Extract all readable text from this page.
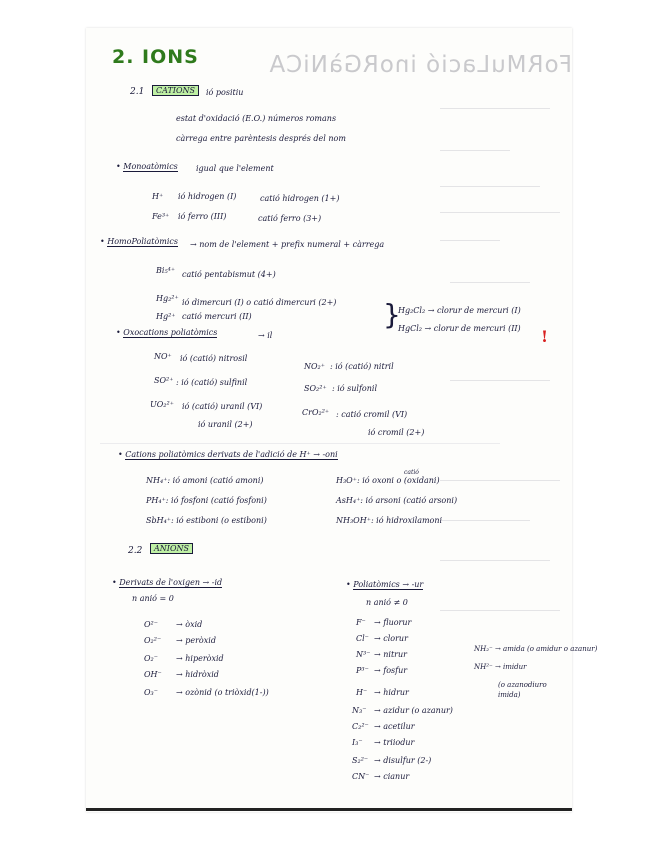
FoRMuLació inoRGàNiCA
2. IONS
2.1	CATIONS	ió positiu
estat d'oxidació (E.O.) números romans
càrrega entre parèntesis després del nom
• Monoatòmics igual que l'element
H⁺ ió hidrogen (I)	catió hidrogen (1+)
Fe³⁺ ió ferro (III)	catió ferro (3+)
• HomoPoliatòmics → nom de l'element + prefix numeral + càrrega
Bi₅⁴⁺ catió pentabismut (4+)
Hg₂²⁺ ió dimercuri (I) o catió dimercuri (2+)
Hg²⁺ catió mercuri (II)	}
Hg₂Cl₂ → clorur de mercuri (I)
HgCl₂ → clorur de mercuri (II) !
• Oxocations poliatòmics	→ il
NO⁺ ió (catió) nitrosil
SO²⁺ : ió (catió) sulfinil
UO₂²⁺ ió (catió) uranil (VI)
ió uranil (2+)
NO₂⁺ : ió (catió) nitril
SO₂²⁺ : ió sulfonil
CrO₂²⁺ : catió cromil (VI)
ió cromil (2+)
• Cations poliatòmics derivats de l'adició de H⁺ → -oni
catió
NH₄⁺: ió amoni (catió amoni)
PH₄⁺: ió fosfoni (catió fosfoni)
SbH₄⁺: ió estiboni (o estiboni)
H₃O⁺: ió oxoni o (oxidani)
AsH₄⁺: ió arsoni (catió arsoni)
NH₃OH⁺: ió hidroxilamoni
2.2	ANIONS
• Derivats de l'oxigen → -id
n anió = 0
O²⁻ → òxid
O₂²⁻ → peròxid
O₂⁻ → hiperòxid
OH⁻ → hidròxid
O₃⁻ → ozònid (o triòxid(1-))
• Poliatòmics → -ur
n anió ≠ 0
F⁻ → fluorur
Cl⁻ → clorur
N³⁻ → nitrur
P³⁻ → fosfur
H⁻ → hidrur
N₃⁻ → azidur (o azanur)
C₂²⁻ → acetilur
I₃⁻ → triiodur
S₂²⁻ → disulfur (2-)
CN⁻ → cianur
NH₂⁻ → amida (o amidur o azanur)
NH²⁻ → imidur
(o azanodiuro imida)
